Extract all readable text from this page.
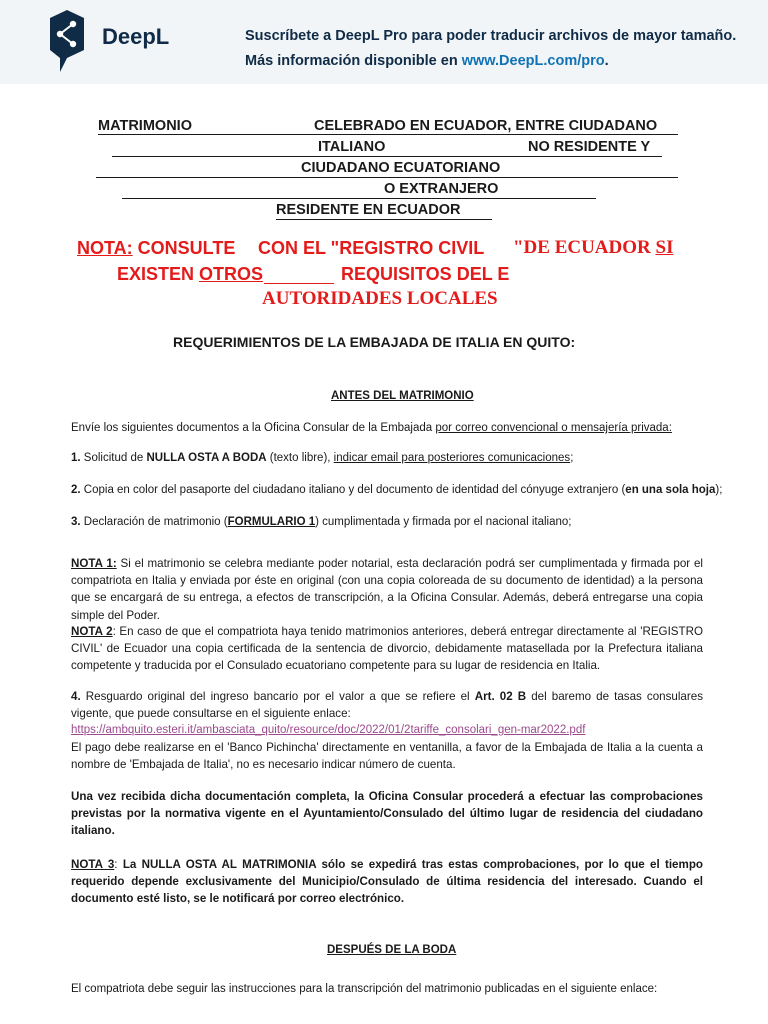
DeepL	Suscríbete a DeepL Pro para poder traducir archivos de mayor tamaño.
Más información disponible en www.DeepL.com/pro.
MATRIMONIO	CELEBRADO EN ECUADOR, ENTRE CIUDADANO
ITALIANO	NO RESIDENTE Y
CIUDADANO ECUATORIANO
O EXTRANJERO
RESIDENTE EN ECUADOR
NOTA: CONSULTE CON EL "REGISTRO CIVIL "DE ECUADOR SI
EXISTEN OTROS	REQUISITOS DEL E
AUTORIDADES LOCALES
REQUERIMIENTOS DE LA EMBAJADA DE ITALIA EN QUITO:
ANTES DEL MATRIMONIO
Envíe los siguientes documentos a la Oficina Consular de la Embajada por correo convencional o mensajería privada:
1. Solicitud de NULLA OSTA A BODA (texto libre), indicar email para posteriores comunicaciones;
2. Copia en color del pasaporte del ciudadano italiano y del documento de identidad del cónyuge extranjero (en una sola hoja);
3. Declaración de matrimonio (FORMULARIO 1) cumplimentada y firmada por el nacional italiano;
NOTA 1: Si el matrimonio se celebra mediante poder notarial, esta declaración podrá ser cumplimentada y firmada por el compatriota en Italia y enviada por éste en original (con una copia coloreada de su documento de identidad) a la persona que se encargará de su entrega, a efectos de transcripción, a la Oficina Consular. Además, deberá entregarse una copia simple del Poder.
NOTA 2: En caso de que el compatriota haya tenido matrimonios anteriores, deberá entregar directamente al 'REGISTRO CIVIL' de Ecuador una copia certificada de la sentencia de divorcio, debidamente matasellada por la Prefectura italiana competente y traducida por el Consulado ecuatoriano competente para su lugar de residencia en Italia.
4. Resguardo original del ingreso bancario por el valor a que se refiere el Art. 02 B del baremo de tasas consulares vigente, que puede consultarse en el siguiente enlace:
https://ambquito.esteri.it/ambasciata_quito/resource/doc/2022/01/2tariffe_consolari_gen-mar2022.pdf
El pago debe realizarse en el 'Banco Pichincha' directamente en ventanilla, a favor de la Embajada de Italia a la cuenta a nombre de 'Embajada de Italia', no es necesario indicar número de cuenta.
Una vez recibida dicha documentación completa, la Oficina Consular procederá a efectuar las comprobaciones previstas por la normativa vigente en el Ayuntamiento/Consulado del último lugar de residencia del ciudadano italiano.
NOTA 3: La NULLA OSTA AL MATRIMONIA sólo se expedirá tras estas comprobaciones, por lo que el tiempo requerido depende exclusivamente del Municipio/Consulado de última residencia del interesado. Cuando el documento esté listo, se le notificará por correo electrónico.
DESPUÉS DE LA BODA
El compatriota debe seguir las instrucciones para la transcripción del matrimonio publicadas en el siguiente enlace:
